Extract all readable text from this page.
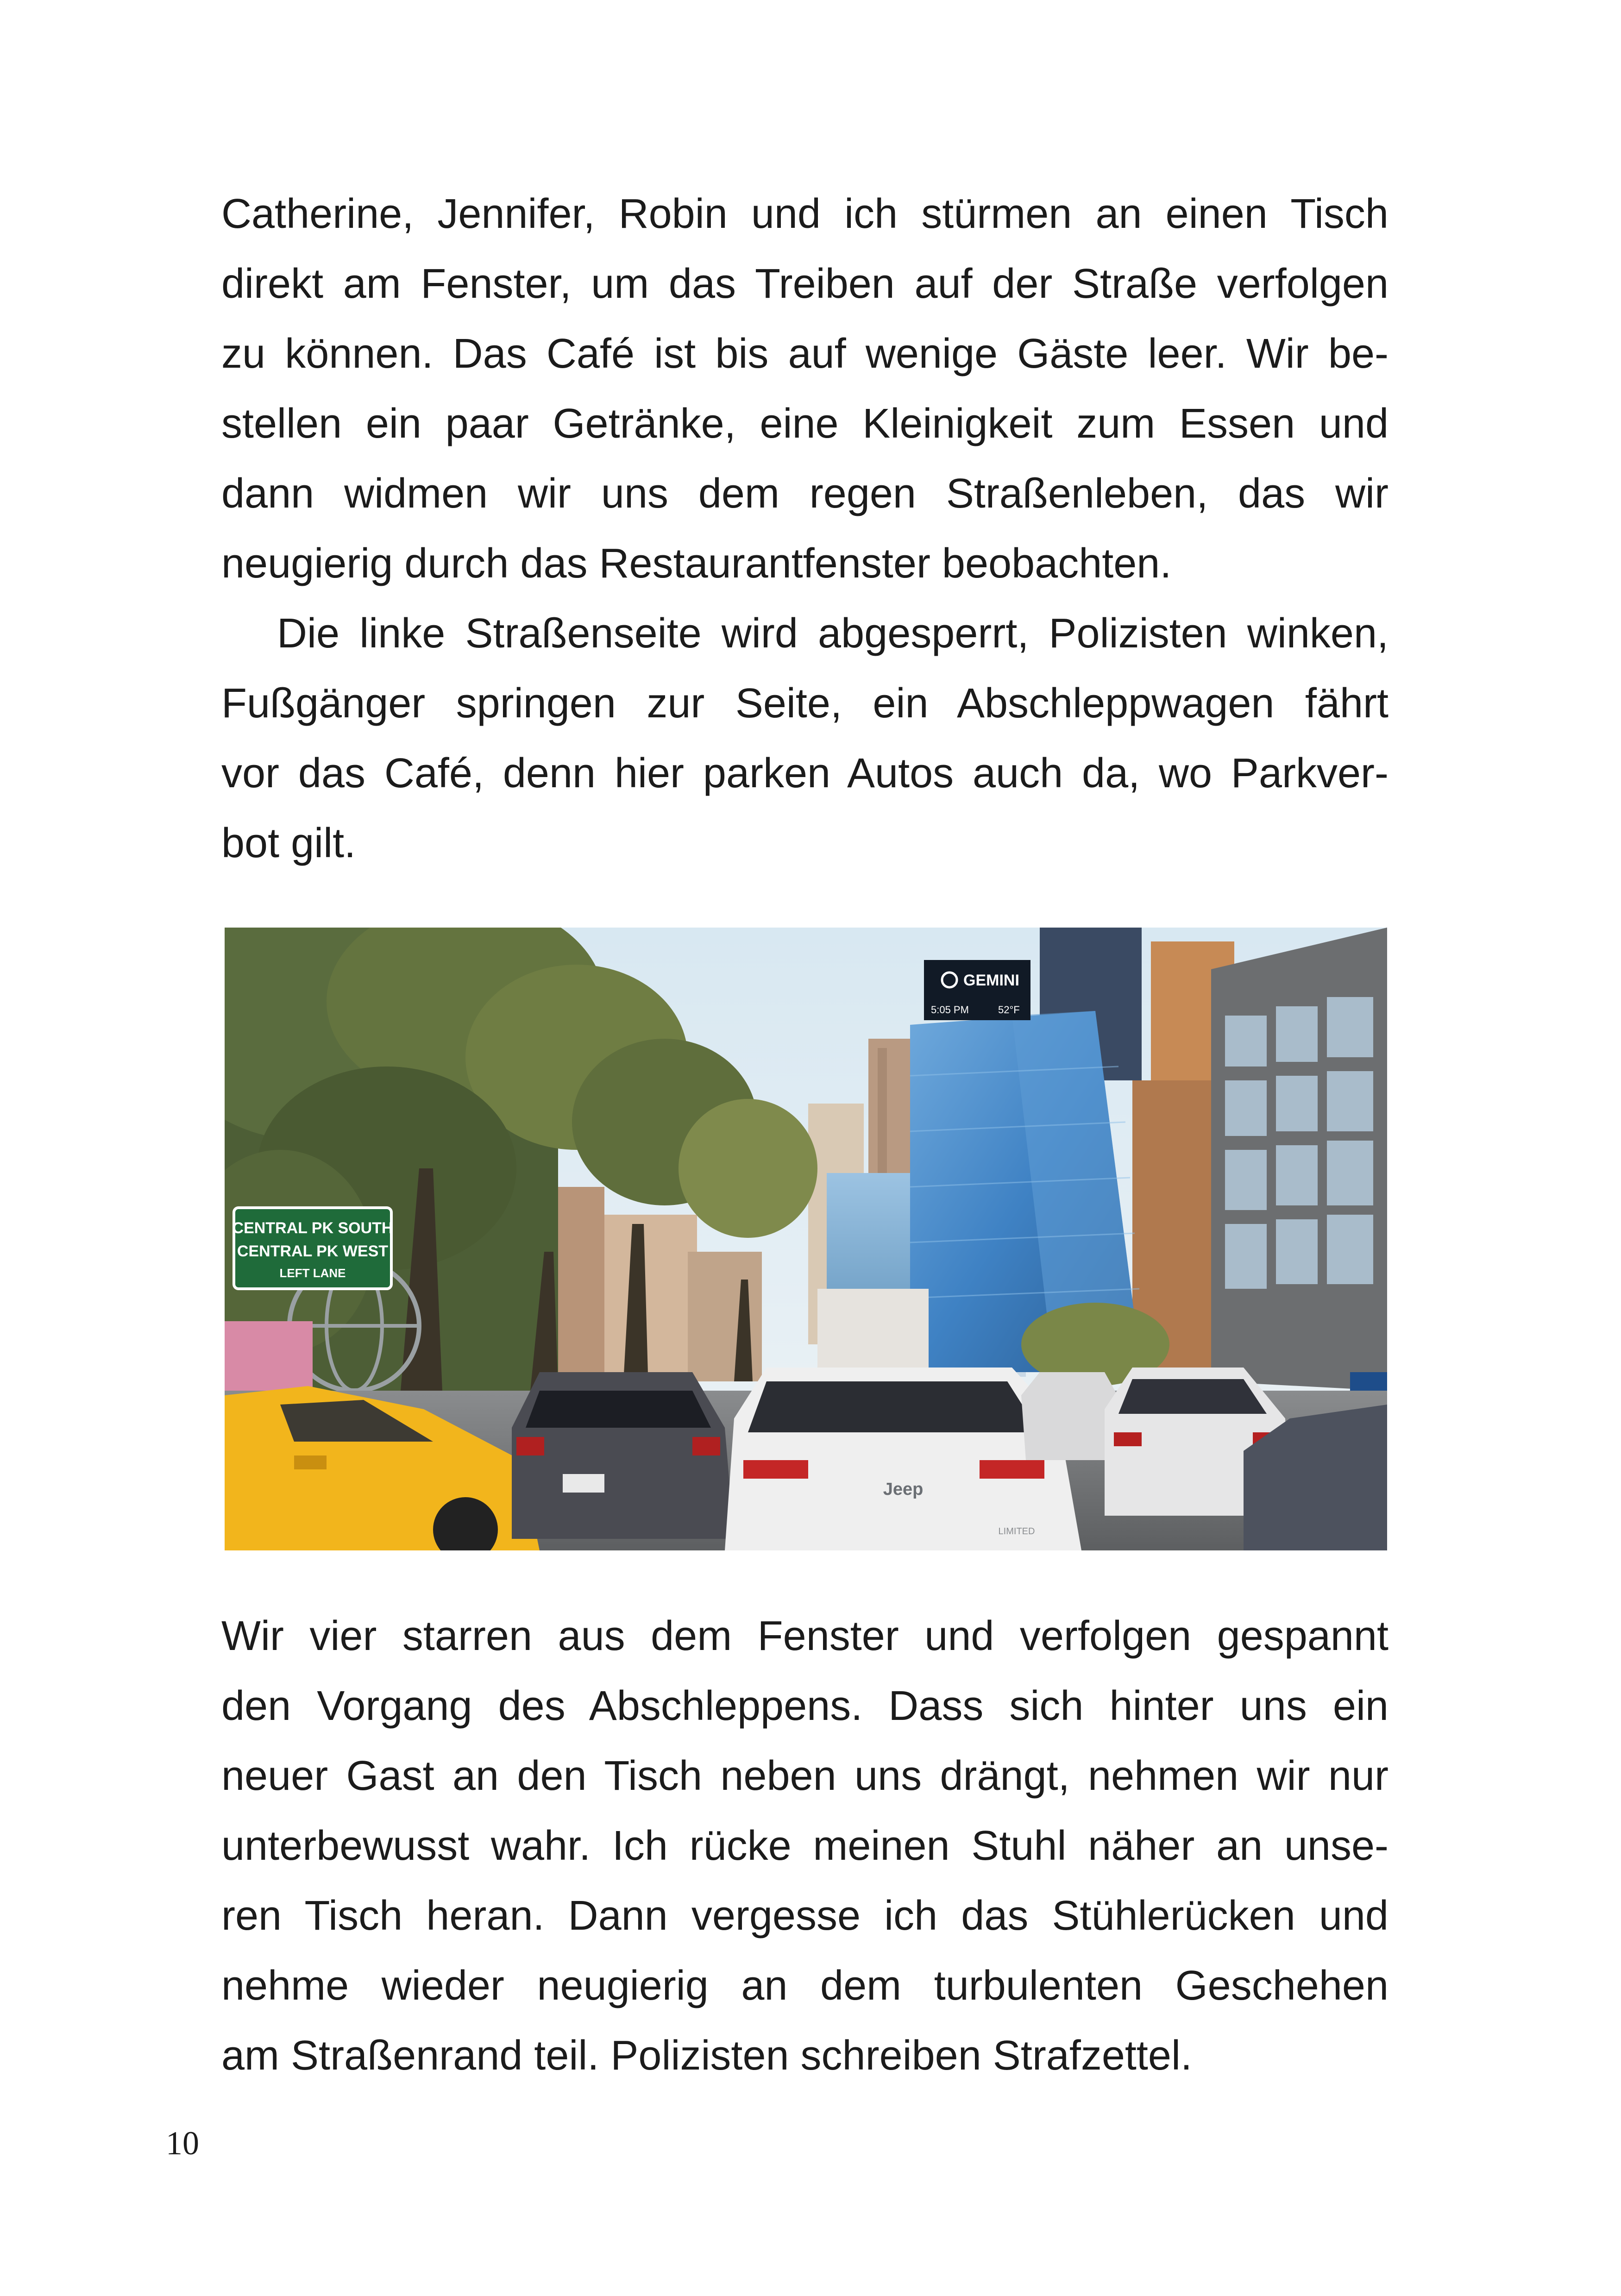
Catherine, Jennifer, Robin und ich stürmen an einen Tisch
direkt am Fenster, um das Treiben auf der Straße verfolgen
zu können. Das Café ist bis auf wenige Gäste leer. Wir be-
stellen ein paar Getränke, eine Kleinigkeit zum Essen und
dann widmen wir uns dem regen Straßenleben, das wir
neugierig durch das Restaurantfenster beobachten.
Die linke Straßenseite wird abgesperrt, Polizisten winken,
Fußgänger springen zur Seite, ein Abschleppwagen fährt
vor das Café, denn hier parken Autos auch da, wo Parkver-
bot gilt.
GEMINI
5:05 PM	52°F
CENTRAL PK SOUTH
CENTRAL PK WEST
LEFT LANE
Jeep
LIMITED
Wir vier starren aus dem Fenster und verfolgen gespannt
den Vorgang des Abschleppens. Dass sich hinter uns ein
neuer Gast an den Tisch neben uns drängt, nehmen wir nur
unterbewusst wahr. Ich rücke meinen Stuhl näher an unse-
ren Tisch heran. Dann vergesse ich das Stühlerücken und
nehme wieder neugierig an dem turbulenten Geschehen
am Straßenrand teil. Polizisten schreiben Strafzettel.
10
